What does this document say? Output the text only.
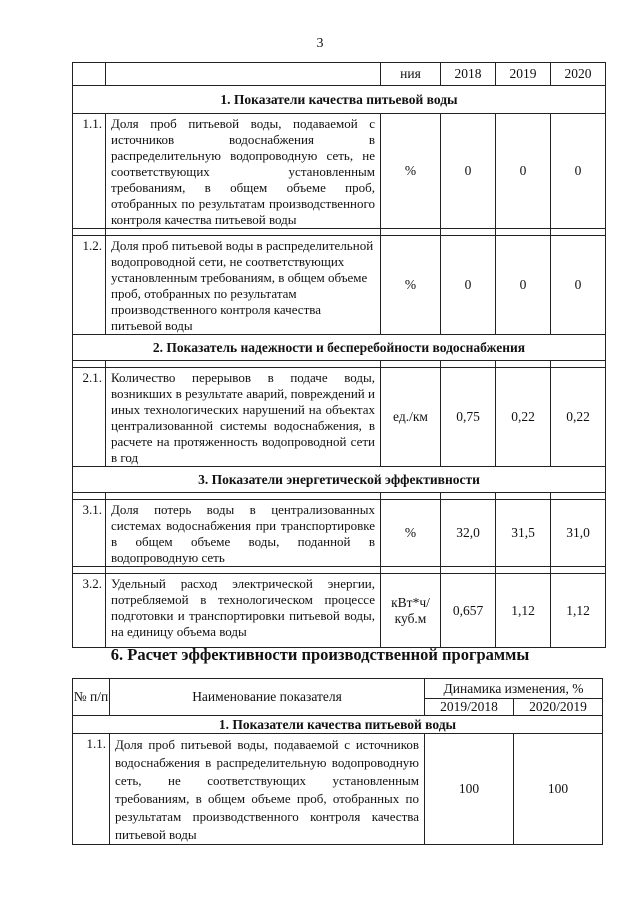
3
		ния	2018	2019	2020
1. Показатели качества питьевой воды					
1.1.	Доля проб питьевой воды, подаваемой с источников водоснабжения в распределительную водопроводную сеть, не соответствующих установленным требованиям, в общем объеме проб, отобранных по результатам производственного контроля качества питьевой воды	%	0	0	0

1.2.	Доля проб питьевой воды в распределительной водопроводной сети, не соответствующих установленным требованиям, в общем объеме проб, отобранных по результатам производственного контроля качества питьевой воды	%	0	0	0
2. Показатель надежности и бесперебойности водоснабжения					

2.1.	Количество перерывов в подаче воды, возникших в результате аварий, повреждений и иных технологических нарушений на объектах централизованной системы водоснабжения, в расчете на протяженность водопроводной сети в год	ед./км	0,75	0,22	0,22
3. Показатели энергетической эффективности					

3.1.	Доля потерь воды в централизованных системах водоснабжения при транспортировке в общем объеме воды, поданной в водопроводную сеть	%	32,0	31,5	31,0

3.2.	Удельный расход электрической энергии, потребляемой в технологическом процессе подготовки и транспортировки питьевой воды, на единицу объема воды	кВт*ч/ куб.м	0,657	1,12	1,12
6. Расчет эффективности производственной программы
№ п/п	Наименование показателя	Динамика изменения, %	
		2019/2018	2020/2019
1. Показатели качества питьевой воды			
1.1.	Доля проб питьевой воды, подаваемой с источников водоснабжения в распределительную водопроводную сеть, не соответствующих установленным требованиям, в общем объеме проб, отобранных по результатам производственного контроля качества питьевой воды	100	100
